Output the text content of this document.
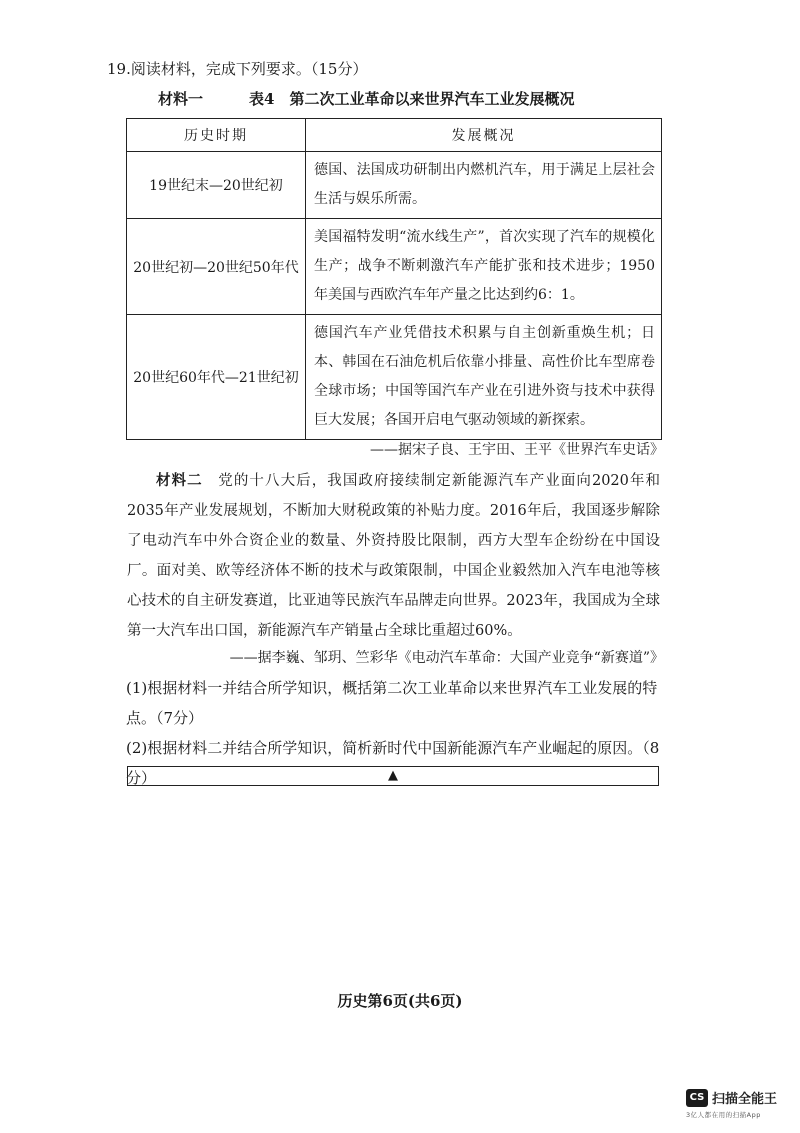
19.阅读材料，完成下列要求。（15分）
材料一	表4　第二次工业革命以来世界汽车工业发展概况
历史时期	发展概况
19世纪末—20世纪初	德国、法国成功研制出内燃机汽车，用于满足上层社会生活与娱乐所需。
20世纪初—20世纪50年代	美国福特发明“流水线生产”，首次实现了汽车的规模化生产；战争不断刺激汽车产能扩张和技术进步；1950年美国与西欧汽车年产量之比达到约6：1。
20世纪60年代—21世纪初	德国汽车产业凭借技术积累与自主创新重焕生机；日本、韩国在石油危机后依靠小排量、高性价比车型席卷全球市场；中国等国汽车产业在引进外资与技术中获得巨大发展；各国开启电气驱动领域的新探索。
——据宋子良、王宇田、王平《世界汽车史话》
材料二　 党的十八大后，我国政府接续制定新能源汽车产业面向2020年和2035年产业发展规划，不断加大财税政策的补贴力度。2016年后，我国逐步解除了电动汽车中外合资企业的数量、外资持股比限制，西方大型车企纷纷在中国设厂。面对美、欧等经济体不断的技术与政策限制，中国企业毅然加入汽车电池等核心技术的自主研发赛道，比亚迪等民族汽车品牌走向世界。2023年，我国成为全球第一大汽车出口国，新能源汽车产销量占全球比重超过60%。
——据李巍、邹玥、竺彩华《电动汽车革命：大国产业竞争“新赛道”》
(1)根据材料一并结合所学知识，概括第二次工业革命以来世界汽车工业发展的特点。（7分）
(2)根据材料二并结合所学知识，简析新时代中国新能源汽车产业崛起的原因。（8分）	▲
历史第6页(共6页)
CS 扫描全能王
3亿人都在用的扫描App
